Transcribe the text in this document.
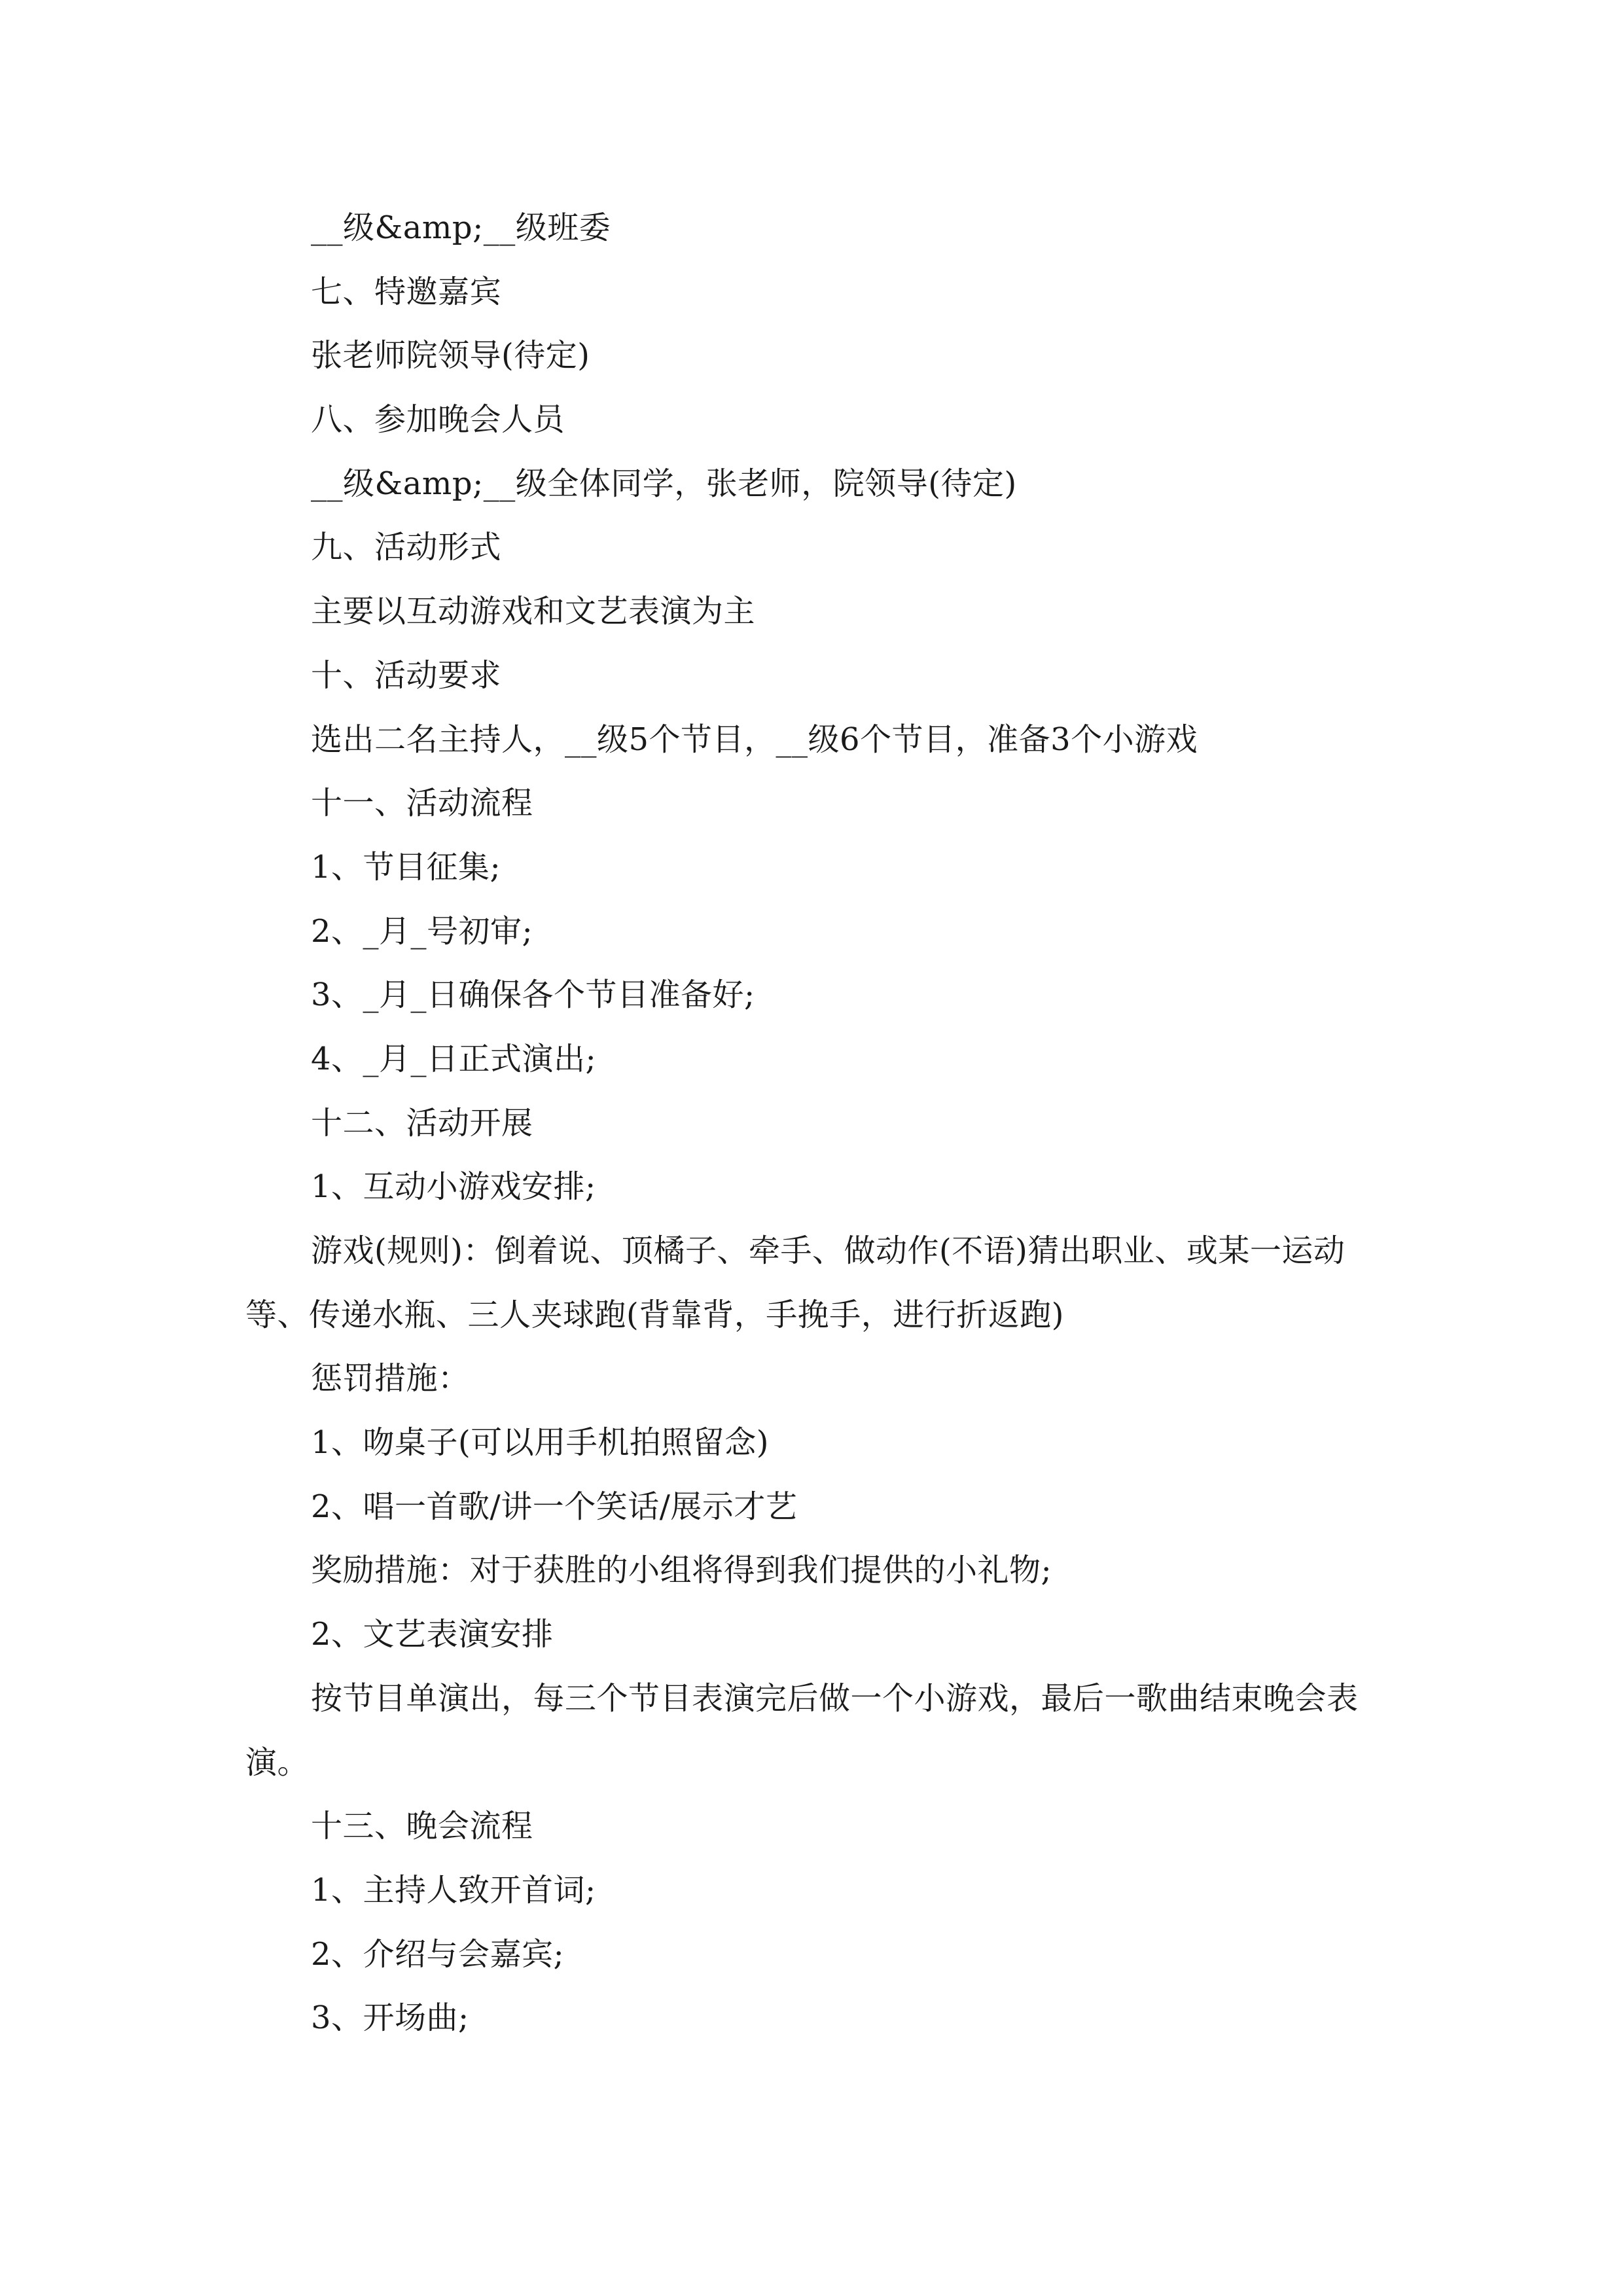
__级&amp;__级班委
七、特邀嘉宾
张老师院领导(待定)
八、参加晚会人员
__级&amp;__级全体同学，张老师，院领导(待定)
九、活动形式
主要以互动游戏和文艺表演为主
十、活动要求
选出二名主持人，__级5个节目，__级6个节目，准备3个小游戏
十一、活动流程
1、节目征集;
2、_月_号初审;
3、_月_日确保各个节目准备好;
4、_月_日正式演出;
十二、活动开展
1、互动小游戏安排;
游戏(规则)：倒着说、顶橘子、牵手、做动作(不语)猜出职业、或某一运动等、传递水瓶、三人夹球跑(背靠背，手挽手，进行折返跑)
惩罚措施：
1、吻桌子(可以用手机拍照留念)
2、唱一首歌/讲一个笑话/展示才艺
奖励措施：对于获胜的小组将得到我们提供的小礼物;
2、文艺表演安排
按节目单演出，每三个节目表演完后做一个小游戏，最后一歌曲结束晚会表演。
十三、晚会流程
1、主持人致开首词;
2、介绍与会嘉宾;
3、开场曲;
